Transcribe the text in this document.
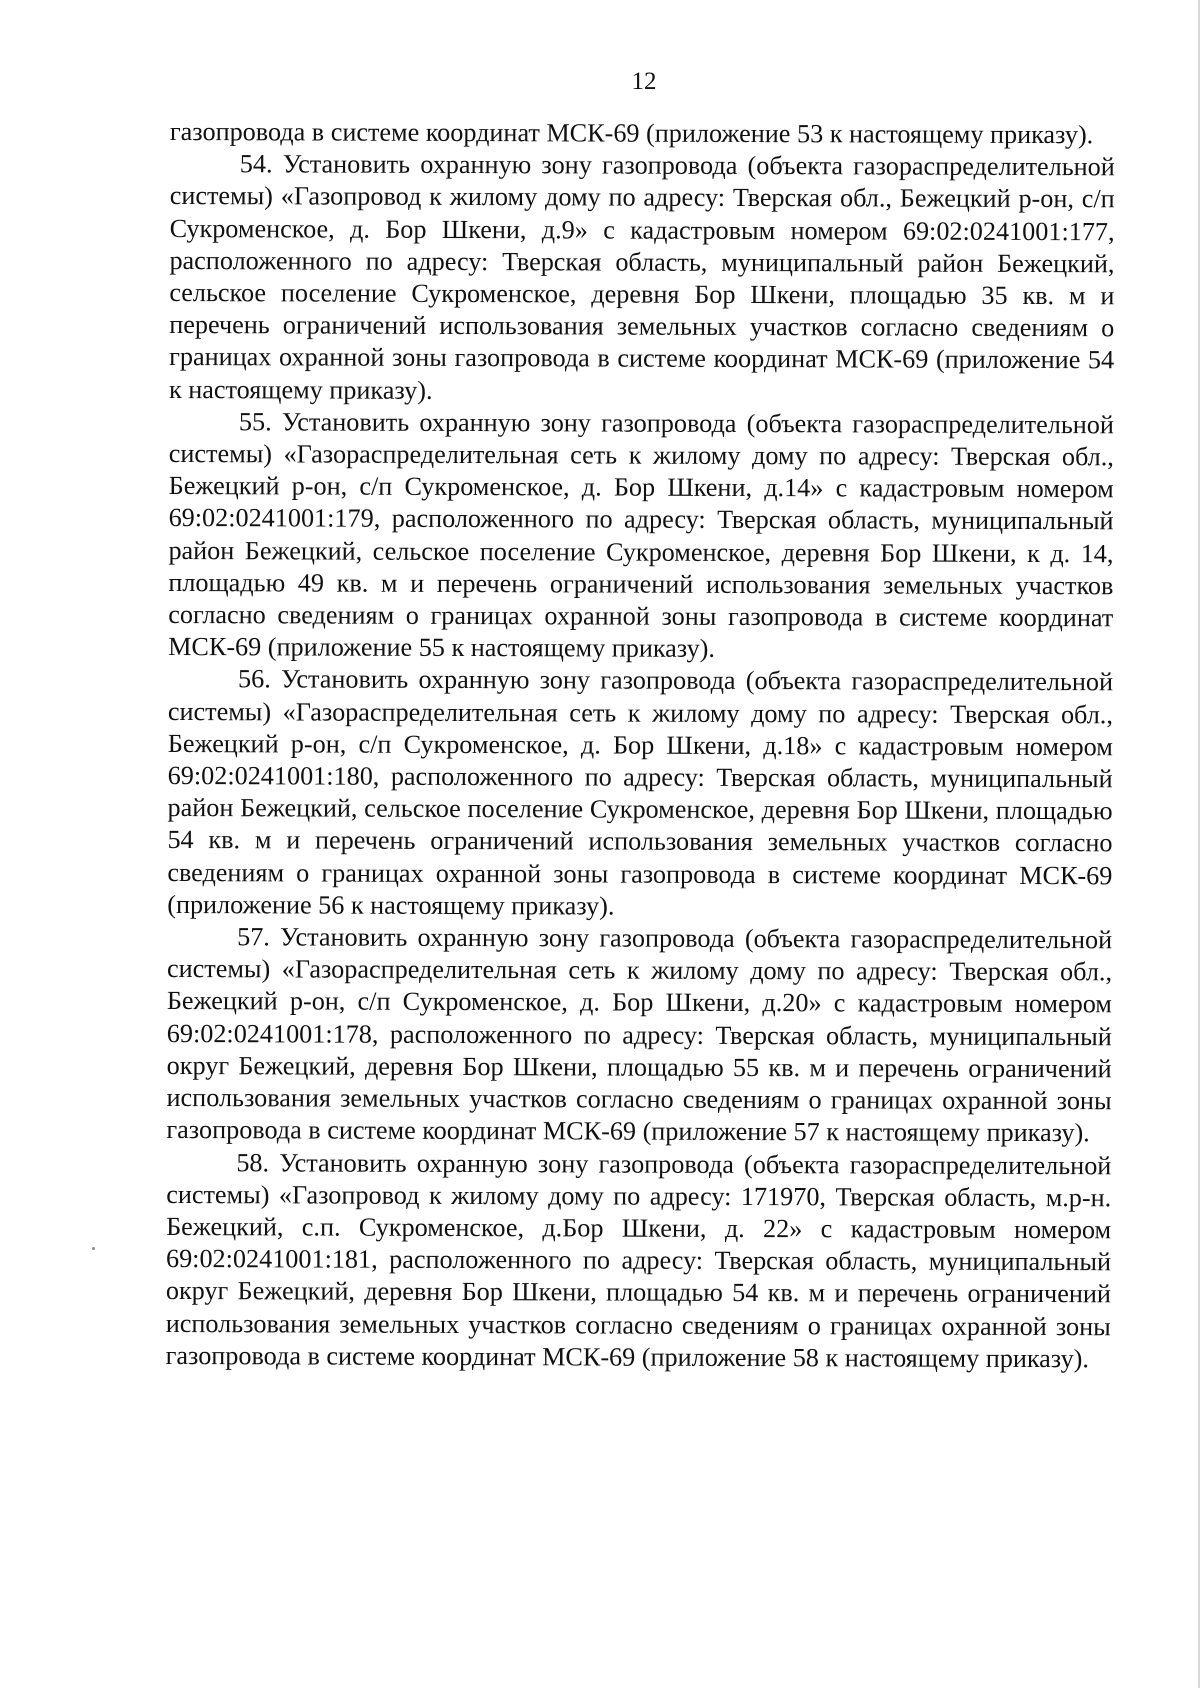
12

газопровода в системе координат МСК-69 (приложение 53 к настоящему приказу).

54. Установить охранную зону газопровода (объекта газораспределительной системы) «Газопровод к жилому дому по адресу: Тверская обл., Бежецкий р-он, с/п Сукроменское, д. Бор Шкени, д.9» с кадастровым номером 69:02:0241001:177, расположенного по адресу: Тверская область, муниципальный район Бежецкий, сельское поселение Сукроменское, деревня Бор Шкени, площадью 35 кв. м и перечень ограничений использования земельных участков согласно сведениям о границах охранной зоны газопровода в системе координат МСК-69 (приложение 54 к настоящему приказу).

55. Установить охранную зону газопровода (объекта газораспределительной системы) «Газораспределительная сеть к жилому дому по адресу: Тверская обл., Бежецкий р-он, с/п Сукроменское, д. Бор Шкени, д.14» с кадастровым номером 69:02:0241001:179, расположенного по адресу: Тверская область, муниципальный район Бежецкий, сельское поселение Сукроменское, деревня Бор Шкени, к д. 14, площадью 49 кв. м и перечень ограничений использования земельных участков согласно сведениям о границах охранной зоны газопровода в системе координат МСК-69 (приложение 55 к настоящему приказу).

56. Установить охранную зону газопровода (объекта газораспределительной системы) «Газораспределительная сеть к жилому дому по адресу: Тверская обл., Бежецкий р-он, с/п Сукроменское, д. Бор Шкени, д.18» с кадастровым номером 69:02:0241001:180, расположенного по адресу: Тверская область, муниципальный район Бежецкий, сельское поселение Сукроменское, деревня Бор Шкени, площадью 54 кв. м и перечень ограничений использования земельных участков согласно сведениям о границах охранной зоны газопровода в системе координат МСК-69 (приложение 56 к настоящему приказу).

57. Установить охранную зону газопровода (объекта газораспределительной системы) «Газораспределительная сеть к жилому дому по адресу: Тверская обл., Бежецкий р-он, с/п Сукроменское, д. Бор Шкени, д.20» с кадастровым номером 69:02:0241001:178, расположенного по адресу: Тверская область, муниципальный округ Бежецкий, деревня Бор Шкени, площадью 55 кв. м и перечень ограничений использования земельных участков согласно сведениям о границах охранной зоны газопровода в системе координат МСК-69 (приложение 57 к настоящему приказу).

58. Установить охранную зону газопровода (объекта газораспределительной системы) «Газопровод к жилому дому по адресу: 171970, Тверская область, м.р-н. Бежецкий, с.п. Сукроменское, д.Бор Шкени, д. 22» с кадастровым номером 69:02:0241001:181, расположенного по адресу: Тверская область, муниципальный округ Бежецкий, деревня Бор Шкени, площадью 54 кв. м и перечень ограничений использования земельных участков согласно сведениям о границах охранной зоны газопровода в системе координат МСК-69 (приложение 58 к настоящему приказу).
